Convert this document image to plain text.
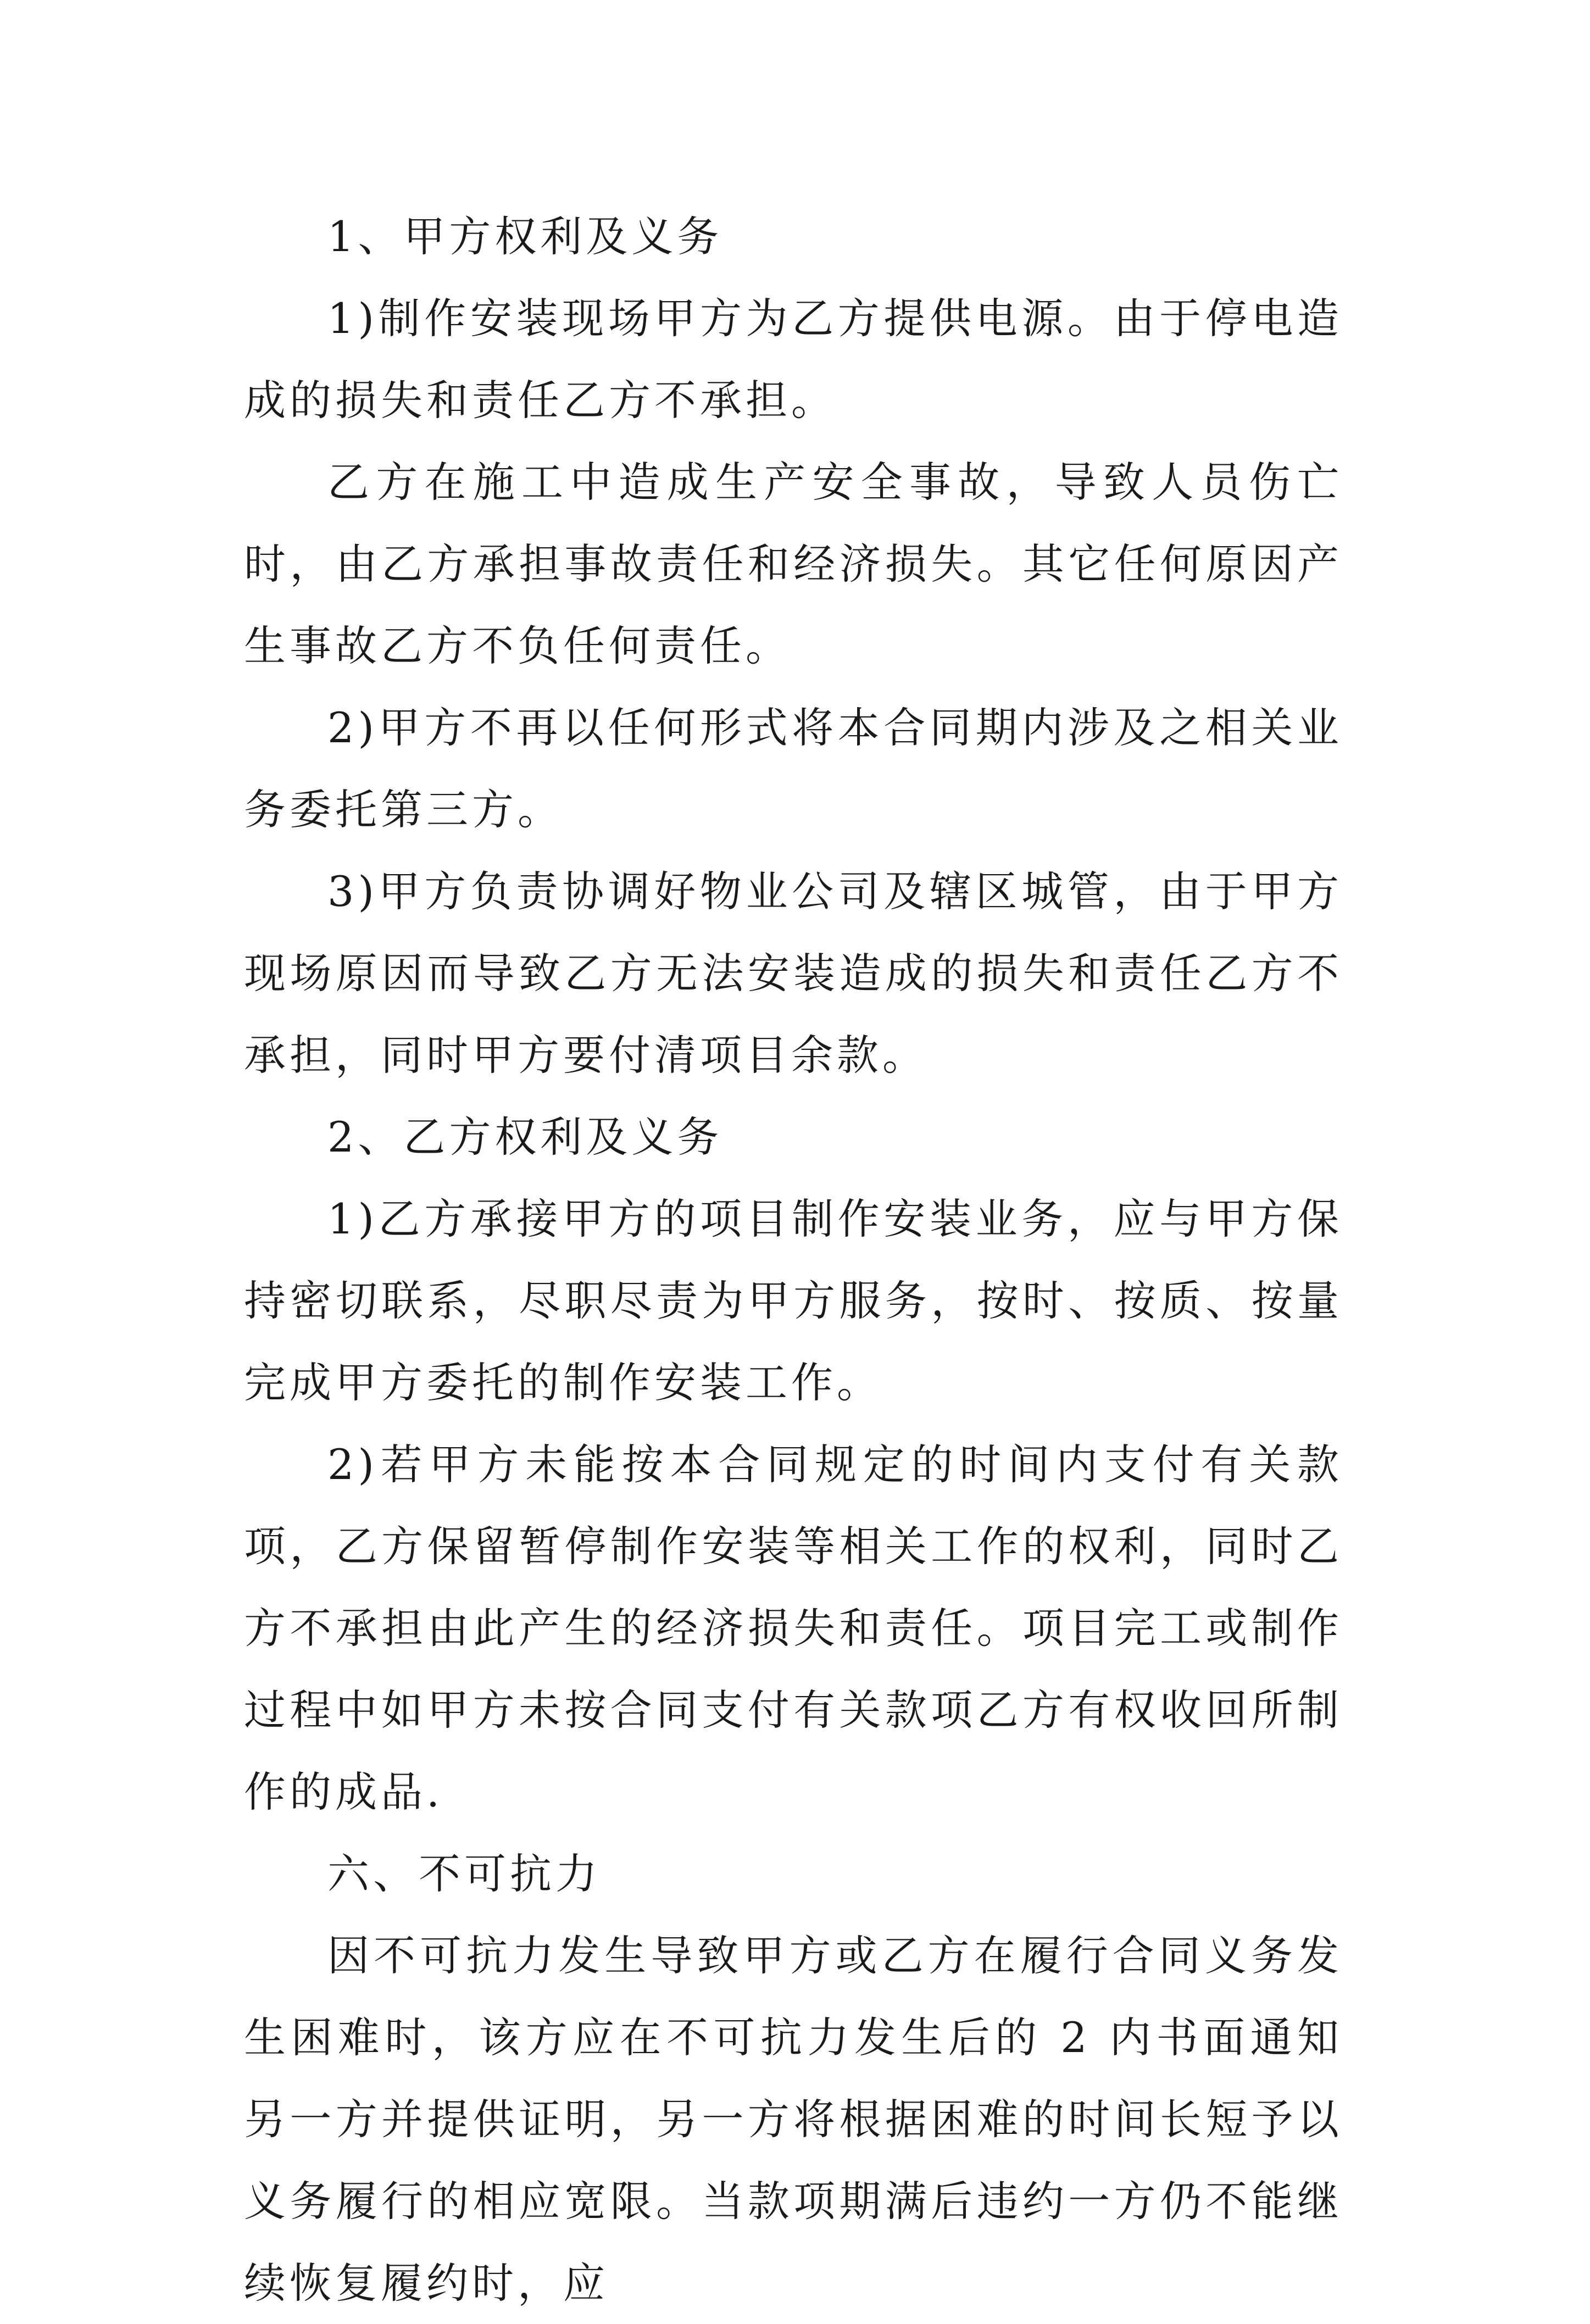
1、甲方权利及义务

1)制作安装现场甲方为乙方提供电源。由于停电造成的损失和责任乙方不承担。

乙方在施工中造成生产安全事故，导致人员伤亡时，由乙方承担事故责任和经济损失。其它任何原因产生事故乙方不负任何责任。

2)甲方不再以任何形式将本合同期内涉及之相关业务委托第三方。

3)甲方负责协调好物业公司及辖区城管，由于甲方现场原因而导致乙方无法安装造成的损失和责任乙方不承担，同时甲方要付清项目余款。

2、乙方权利及义务

1)乙方承接甲方的项目制作安装业务，应与甲方保持密切联系，尽职尽责为甲方服务，按时、按质、按量完成甲方委托的制作安装工作。

2)若甲方未能按本合同规定的时间内支付有关款项，乙方保留暂停制作安装等相关工作的权利，同时乙方不承担由此产生的经济损失和责任。项目完工或制作过程中如甲方未按合同支付有关款项乙方有权收回所制作的成品.

六、不可抗力

因不可抗力发生导致甲方或乙方在履行合同义务发生困难时，该方应在不可抗力发生后的 2 内书面通知另一方并提供证明，另一方将根据困难的时间长短予以义务履行的相应宽限。当款项期满后违约一方仍不能继续恢复履约时，应
